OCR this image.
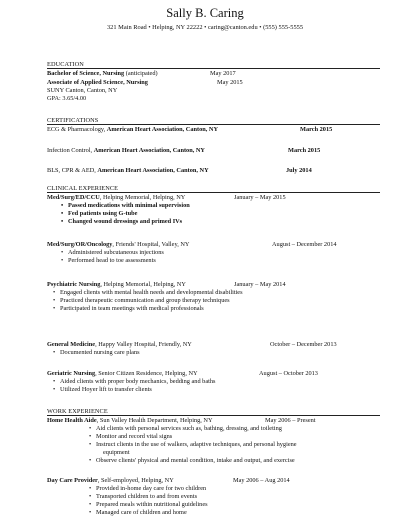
Sally B. Caring
321 Main Road • Helping, NY 22222 • caring@canton.edu • (555) 555-5555
EDUCATION
Bachelor of Science, Nursing (anticipated)	May 2017
Associate of Applied Science, Nursing	May 2015
SUNY Canton, Canton, NY
GPA: 3.65/4.00
CERTIFICATIONS
ECG & Pharmacology, American Heart Association, Canton, NY	March 2015
Infection Control, American Heart Association, Canton, NY	March 2015
BLS, CPR & AED, American Heart Association, Canton, NY	July 2014
CLINICAL EXPERIENCE
Med/Surg/ED/CCU, Helping Memorial, Helping, NY	January – May 2015
• Passed medications with minimal supervision
• Fed patients using G-tube
• Changed wound dressings and primed IVs
Med/Surg/OR/Oncology, Friends' Hospital, Valley, NY	August – December 2014
• Administered subcutaneous injections
• Performed head to toe assessments
Psychiatric Nursing, Helping Memorial, Helping, NY	January – May 2014
• Engaged clients with mental health needs and developmental disabilities
• Practiced therapeutic communication and group therapy techniques
• Participated in team meetings with medical professionals
General Medicine, Happy Valley Hospital, Friendly, NY	October – December 2013
• Documented nursing care plans
Geriatric Nursing, Senior Citizen Residence, Helping, NY	August – October 2013
• Aided clients with proper body mechanics, bedding and baths
• Utilized Hoyer lift to transfer clients
WORK EXPERIENCE
Home Health Aide, Sun Valley Health Department, Helping, NY	May 2006 – Present
• Aid clients with personal services such as, bathing, dressing, and toileting
• Monitor and record vital signs
• Instruct clients in the use of walkers, adaptive techniques, and personal hygiene
equipment
• Observe clients' physical and mental condition, intake and output, and exercise
Day Care Provider, Self-employed, Helping, NY	May 2006 – Aug 2014
• Provided in-home day care for two children
• Transported children to and from events
• Prepared meals within nutritional guidelines
• Managed care of children and home
